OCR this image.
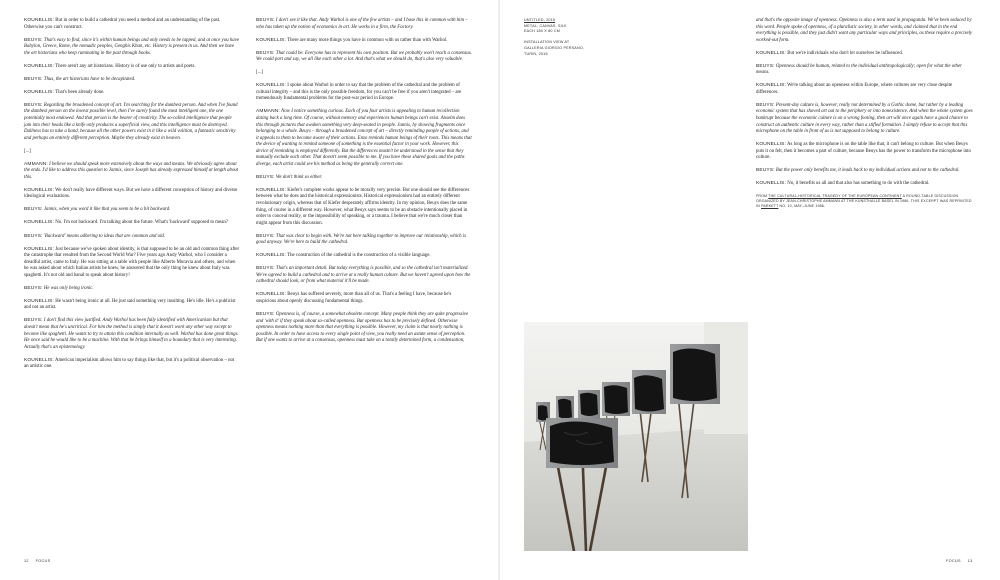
KOUNELLIS: But in order to build a cathedral you need a method and an understanding of the past. Otherwise you can't construct.

BEUYS: That's easy to find, since it's within human beings and only needs to be tapped, and at once you have Babylon, Greece, Rome, the nomadic peoples, Genghis Khan, etc. History is present in us. And then we have the art historians who keep ruminating in the past through books.

KOUNELLIS: There aren't any art historians. History is of use only to artists and poets.

BEUYS: Thus, the art historians have to be decapitated.

KOUNELLIS: That's been already done.

BEUYS: Regarding the broadened concept of art. I'm searching for the dumbest person. And when I've found the dumbest person on the lowest possible level, then I've surely found the most intelligent one, the one potentially most endowed. And that person is the bearer of creativity. The so-called intelligence that people jam into their heads like a knife only produces a superficial view, and this intelligence must be destroyed. Dullness has to take a hand, because all the other powers exist in it like a wild volition, a fantastic sensitivity and perhaps an entirely different perception. Maybe they already exist in heaven.

[...]

AMMANN: I believe we should speak more extensively about the ways and means. We obviously agree about the ends. I'd like to address this question to Jannis, since Joseph has already expressed himself at length about this.

KOUNELLIS: We don't really have different ways. But we have a different conception of history and diverse ideological evaluations.

BEUYS: Jannis, when you word it like that you seem to be a bit backward.

KOUNELLIS: No. I'm not backward. I'm talking about the future. What's 'backward' supposed to mean?

BEUYS: 'Backward' means adhering to ideas that are common and old.

KOUNELLIS: Just because we've spoken about identity, is that supposed to be an old and common thing after the catastrophe that resulted from the Second World War? Five years ago Andy Warhol, who I consider a dreadful artist, came to Italy. He was sitting at a table with people like Alberto Moravia and others, and when he was asked about which Italian artists he knew, he answered that the only thing he knew about Italy was spaghetti. It's not old and banal to speak about history!

BEUYS: He was only being ironic.

KOUNELLIS: He wasn't being ironic at all. He just said something very insulting. He's idle. He's a publicist and not an artist.

BEUYS: I don't find this view justified. Andy Warhol has been fully identified with Americanism but that doesn't mean that he's uncritical. For him the method is simply that it doesn't work any other way except to become like spaghetti. He wants to try to attain this condition internally as well. Warhol has done great things. He once said he would like to be a machine. With that he brings himself to a boundary that is very interesting. Actually that's an epistemology.

KOUNELLIS: American imperialism allows him to say things like that, but it's a political observation – not an artistic one.

BEUYS: I don't see it like that. Andy Warhol is one of the few artists – and I base this in common with him – who has taken up the notion of economics in art. He works in a firm, the Factory.

KOUNELLIS: There are many more things you have in common with us rather than with Warhol.

BEUYS: That could be. Everyone has to represent his own position. But we probably won't reach a consensus. We could part and say, we all like each other a lot. And that's what we should do, that's also very valuable.

[...]

KOUNELLIS: I spoke about Warhol in order to say that the problem of the cathedral and the problem of cultural integrity – and this is the only possible freedom, for you can't be free if you aren't integrated – are tremendously fundamental problems for the post-war period in Europe.

AMMANN: Now I notice something curious. Each of you four artists is appealing to human recollection dating back a long time. Of course, without memory and experiences human beings can't exist. Anselm does this through pictures that awaken something very deep-seated in people. Jannis, by showing fragments once belonging to a whole. Beuys – through a broadened concept of art – directly reminding people of actions, and it appeals to them to become aware of their actions. Enzo reminds human beings of their roots. This means that the device of wanting to remind someone of something is the essential factor in your work. However, this device of reminding is employed differently. But the differences mustn't be understood in the sense that they mutually exclude each other. That doesn't seem possible to me. If you have these shared goals and the paths diverge, each artist could see his method as being the generally correct one.

BEUYS: We don't think so either.

KOUNELLIS: Kiefer's complete works appear to be morally very precise. But one should see the differences between what he does and the historical expressionists. Historical expressionism had an entirely different revolutionary origin, whereas that of Kiefer desperately affirms identity. In my opinion, Beuys does the same thing, of course in a different way. However, what Beuys says seems to be an obstacle intentionally placed in order to conceal reality, or the impossibility of speaking, or a trauma. I believe that we're much closer than might appear from this discussion.

BEUYS: That was clear to begin with. We're not here talking together to improve our relationship, which is good anyway. We're here to build the cathedral.

KOUNELLIS: The construction of the cathedral is the construction of a visible language.

BEUYS: That's an important detail. But today everything is possible, and so the cathedral isn't materialized. We've agreed to build a cathedral and to arrive at a really human culture. But we haven't agreed upon how the cathedral should look, or from what material it'll be made.

KOUNELLIS: Beuys has suffered severely, more than all of us. That's a feeling I have, because he's suspicious about openly discussing fundamental things.

BEUYS: Openness is, of course, a somewhat obsolete concept. Many people think they are quite progressive and 'with it' if they speak about so-called openness. But openness has to be precisely defined. Otherwise openness means nothing more than that everything is possible. However, my claim is that nearly nothing is possible. In order to have access to every single point of view, you really need an astute sense of perception. But if one wants to arrive at a consensus, openness must take on a totally determined form, a condensation,

12 FOCUS
UNTITLED, 2016
METAL, CANVAS, SILK
EACH 180 X 80 CM
INSTALLATION VIEW AT
GALLERIA GIORGIO PERSANO,
TURIN, 2016

and that's the opposite image of openness. Openness is also a term used in propaganda. We've been seduced by this word. People spoke of openness, of a pluralistic society, in other words, and claimed that in the end everything is possible, and they just didn't want any particular ways and principles, as these require a precisely worked-out form.

KOUNELLIS: But we're individuals who don't let ourselves be influenced.

BEUYS: Openness should be human, related to the individual anthropologically; open for what the other means.

KOUNELLIS: We're talking about an openness within Europe, where cultures are very close despite differences.

BEUYS: Present-day culture is, however, really not determined by a Gothic dome, but rather by a leading economic system that has shoved art out to the periphery or into nonexistence. And when the whole system goes bankrupt because the economic culture is on a wrong footing, then art will once again have a good chance to construct an authentic culture in every way, rather than a stifled formation. I simply refuse to accept that this microphone on the table in front of us is not supposed to belong to culture.

KOUNELLIS: As long as the microphone is on the table like that, it can't belong to culture. But when Beuys puts it on felt, then it becomes a part of culture, because Beuys has the power to transform the microphone into culture.

BEUYS: But the power only benefits me, it leads back to my individual actions and not to the cathedral.

KOUNELLIS: No, it benefits us all and that also has something to do with the cathedral.

FROM THE CULTURAL-HISTORICAL TRAGEDY OF THE EUROPEAN CONTINENT A ROUND-TABLE DISCUSSION ORGANIZED BY JEAN-CHRISTOPHE AMMANN AT THE KUNSTHALLE BASEL IN 1986. THIS EXCERPT WAS REPRINTED IN PARKETT NO. 10, MAY–JUNE 1986.
FOCUS 13
